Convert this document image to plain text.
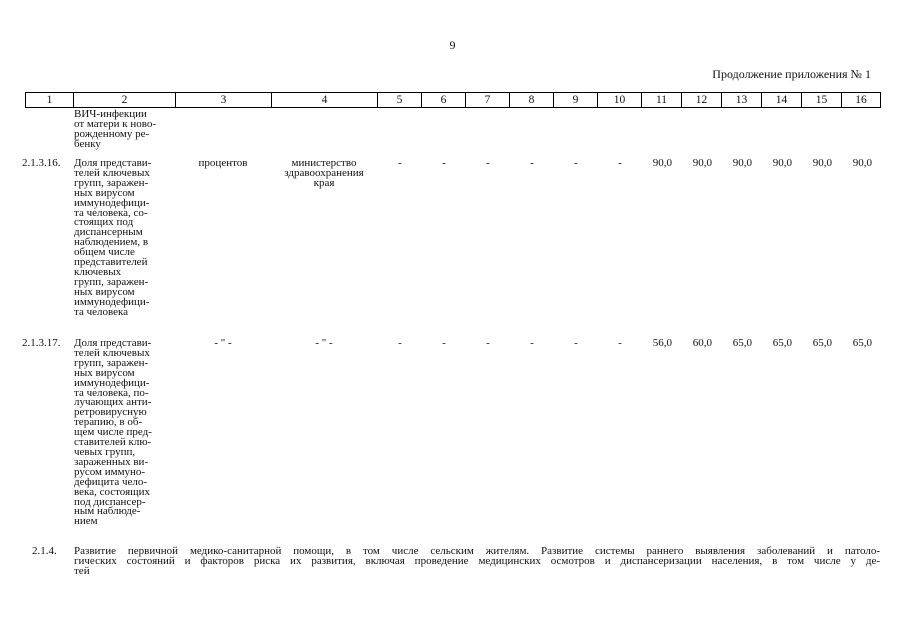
9
Продолжение приложения № 1
1	2	3	4	5	6	7	8	9	10	11	12	13	14	15	16
ВИЧ-инфекции
от матери к ново-
рожденному ре-
бенку
2.1.3.16.	Доля представи-
телей ключевых
групп, заражен-
ных вирусом
иммунодефици-
та человека, со-
стоящих под
диспансерным
наблюдением, в
общем числе
представителей
ключевых
групп, заражен-
ных вирусом
иммунодефици-
та человека
процентов	министерство
здравоохранения
края
-	-	-	-	-	-	90,0	90,0	90,0	90,0	90,0	90,0
2.1.3.17.	Доля представи-
телей ключевых
групп, заражен-
ных вирусом
иммунодефици-
та человека, по-
лучающих анти-
ретровирусную
терапию, в об-
щем числе пред-
ставителей клю-
чевых групп,
зараженных ви-
русом иммуно-
дефицита чело-
века, состоящих
под диспансер-
ным наблюде-
нием
- " -	- " -	-	-	-	-	-	-	56,0	60,0	65,0	65,0	65,0	65,0
2.1.4.	Развитие первичной медико-санитарной помощи, в том числе сельским жителям. Развитие системы раннего выявления заболеваний и патоло-
гических состояний и факторов риска их развития, включая проведение медицинских осмотров и диспансеризации населения, в том числе у де-
тей
